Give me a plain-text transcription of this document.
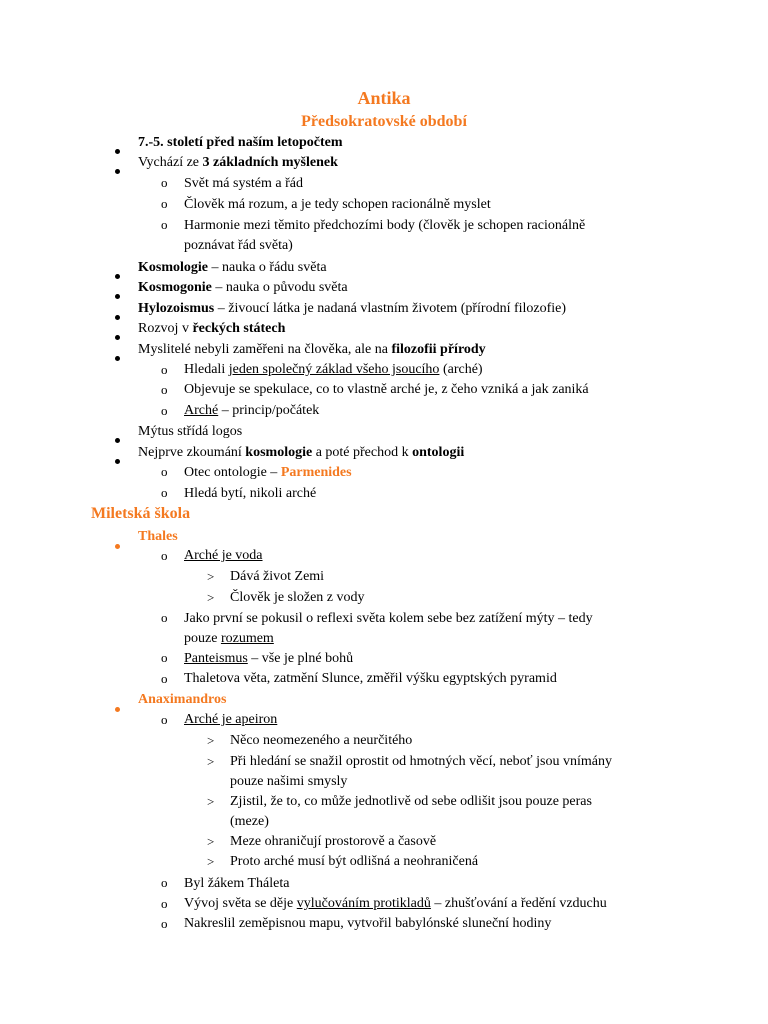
Antika
Předsokratovské období
7.-5. století před naším letopočtem
Vychází ze 3 základních myšlenek
o Svět má systém a řád
o Člověk má rozum, a je tedy schopen racionálně myslet
o Harmonie mezi těmito předchozími body (člověk je schopen racionálně
poznávat řád světa)
Kosmologie – nauka o řádu světa
Kosmogonie – nauka o původu světa
Hylozoismus – živoucí látka je nadaná vlastním životem (přírodní filozofie)
Rozvoj v řeckých státech
Myslitelé nebyli zaměřeni na člověka, ale na filozofii přírody
o Hledali jeden společný základ všeho jsoucího (arché)
o Objevuje se spekulace, co to vlastně arché je, z čeho vzniká a jak zaniká
o Arché – princip/počátek
Mýtus střídá logos
Nejprve zkoumání kosmologie a poté přechod k ontologii
o Otec ontologie – Parmenides
o Hledá bytí, nikoli arché
Miletská škola
Thales
o Arché je voda
> Dává život Zemi
> Člověk je složen z vody
o Jako první se pokusil o reflexi světa kolem sebe bez zatížení mýty – tedy
pouze rozumem
o Panteismus – vše je plné bohů
o Thaletova věta, zatmění Slunce, změřil výšku egyptských pyramid
Anaximandros
o Arché je apeiron
> Něco neomezeného a neurčitého
> Při hledání se snažil oprostit od hmotných věcí, neboť jsou vnímány
pouze našimi smysly
> Zjistil, že to, co může jednotlivě od sebe odlišit jsou pouze peras
(meze)
> Meze ohraničují prostorově a časově
> Proto arché musí být odlišná a neohraničená
o Byl žákem Tháleta
o Vývoj světa se děje vylučováním protikladů – zhušťování a ředění vzduchu
o Nakreslil zeměpisnou mapu, vytvořil babylónské sluneční hodiny
